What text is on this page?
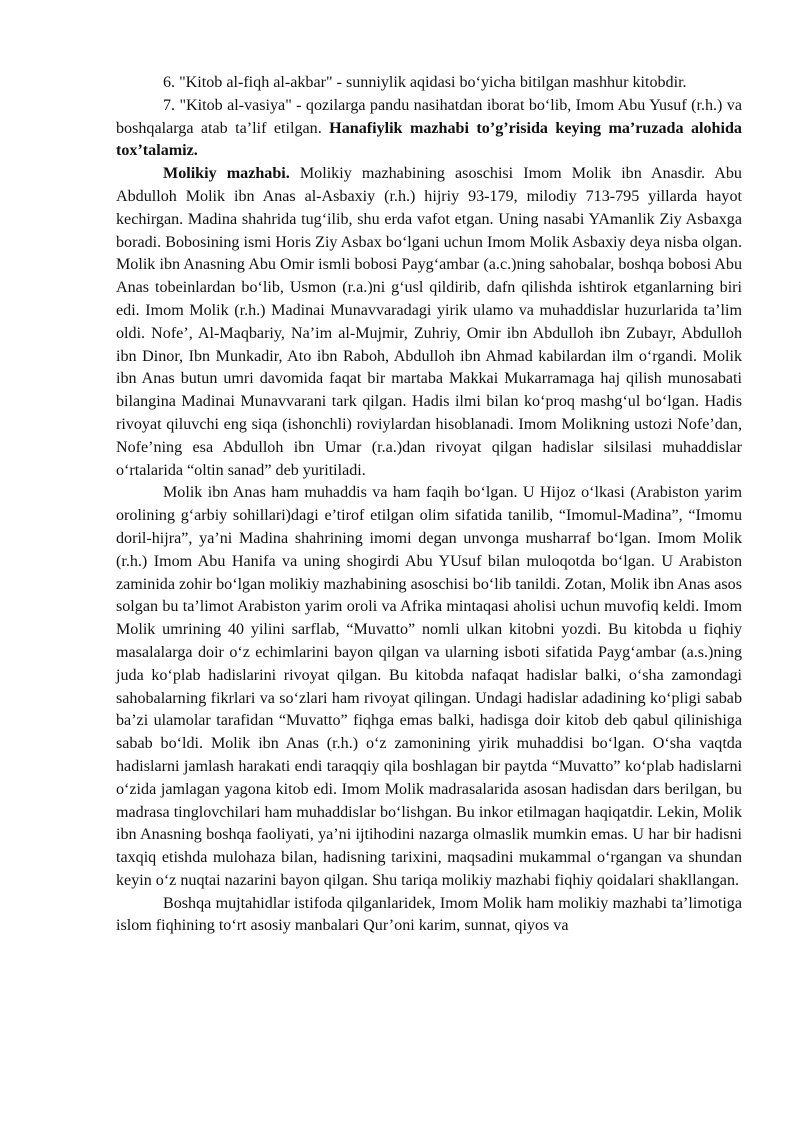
6. "Kitob al-fiqh al-akbar" - sunniylik aqidasi bo‘yicha bitilgan mashhur kitobdir.

7. "Kitob al-vasiya" - qozilarga pandu nasihatdan iborat bo‘lib, Imom Abu Yusuf (r.h.) va boshqalarga atab ta’lif etilgan. Hanafiylik mazhabi to’g’risida keying ma’ruzada alohida tox’talamiz.

Molikiy mazhabi. Molikiy mazhabining asoschisi Imom Molik ibn Anasdir. Abu Abdulloh Molik ibn Anas al-Asbaxiy (r.h.) hijriy 93-179, milodiy 713-795 yillarda hayot kechirgan. Madina shahrida tug‘ilib, shu erda vafot etgan. Uning nasabi YAmanlik Ziy Asbaxga boradi. Bobosining ismi Horis Ziy Asbax bo‘lgani uchun Imom Molik Asbaxiy deya nisba olgan. Molik ibn Anasning Abu Omir ismli bobosi Payg‘ambar (a.c.)ning sahobalar, boshqa bobosi Abu Anas tobeinlardan bo‘lib, Usmon (r.a.)ni g‘usl qildirib, dafn qilishda ishtirok etganlarning biri edi. Imom Molik (r.h.) Madinai Munavvaradagi yirik ulamo va muhaddislar huzurlarida ta’lim oldi. Nofe’, Al-Maqbariy, Na’im al-Mujmir, Zuhriy, Omir ibn Abdulloh ibn Zubayr, Abdulloh ibn Dinor, Ibn Munkadir, Ato ibn Raboh, Abdulloh ibn Ahmad kabilardan ilm o‘rgandi. Molik ibn Anas butun umri davomida faqat bir martaba Makkai Mukarramaga haj qilish munosabati bilangina Madinai Munavvarani tark qilgan. Hadis ilmi bilan ko‘proq mashg‘ul bo‘lgan. Hadis rivoyat qiluvchi eng siqa (ishonchli) roviylardan hisoblanadi. Imom Molikning ustozi Nofe’dan, Nofe’ning esa Abdulloh ibn Umar (r.a.)dan rivoyat qilgan hadislar silsilasi muhaddislar o‘rtalarida “oltin sanad” deb yuritiladi.

Molik ibn Anas ham muhaddis va ham faqih bo‘lgan. U Hijoz o‘lkasi (Arabiston yarim orolining g‘arbiy sohillari)dagi e’tirof etilgan olim sifatida tanilib, “Imomul-Madina”, “Imomu doril-hijra”, ya’ni Madina shahrining imomi degan unvonga musharraf bo‘lgan. Imom Molik (r.h.) Imom Abu Hanifa va uning shogirdi Abu YUsuf bilan muloqotda bo‘lgan. U Arabiston zaminida zohir bo‘lgan molikiy mazhabining asoschisi bo‘lib tanildi. Zotan, Molik ibn Anas asos solgan bu ta’limot Arabiston yarim oroli va Afrika mintaqasi aholisi uchun muvofiq keldi. Imom Molik umrining 40 yilini sarflab, “Muvatto” nomli ulkan kitobni yozdi. Bu kitobda u fiqhiy masalalarga doir o‘z echimlarini bayon qilgan va ularning isboti sifatida Payg‘ambar (a.s.)ning juda ko‘plab hadislarini rivoyat qilgan. Bu kitobda nafaqat hadislar balki, o‘sha zamondagi sahobalarning fikrlari va so‘zlari ham rivoyat qilingan. Undagi hadislar adadining ko‘pligi sabab ba’zi ulamolar tarafidan “Muvatto” fiqhga emas balki, hadisga doir kitob deb qabul qilinishiga sabab bo‘ldi. Molik ibn Anas (r.h.) o‘z zamonining yirik muhaddisi bo‘lgan. O‘sha vaqtda hadislarni jamlash harakati endi taraqqiy qila boshlagan bir paytda “Muvatto” ko‘plab hadislarni o‘zida jamlagan yagona kitob edi. Imom Molik madrasalarida asosan hadisdan dars berilgan, bu madrasa tinglovchilari ham muhaddislar bo‘lishgan. Bu inkor etilmagan haqiqatdir. Lekin, Molik ibn Anasning boshqa faoliyati, ya’ni ijtihodini nazarga olmaslik mumkin emas. U har bir hadisni taxqiq etishda mulohaza bilan, hadisning tarixini, maqsadini mukammal o‘rgangan va shundan keyin o‘z nuqtai nazarini bayon qilgan. Shu tariqa molikiy mazhabi fiqhiy qoidalari shakllangan.

Boshqa mujtahidlar istifoda qilganlaridek, Imom Molik ham molikiy mazhabi ta’limotiga islom fiqhining to‘rt asosiy manbalari Qur’oni karim, sunnat, qiyos va
